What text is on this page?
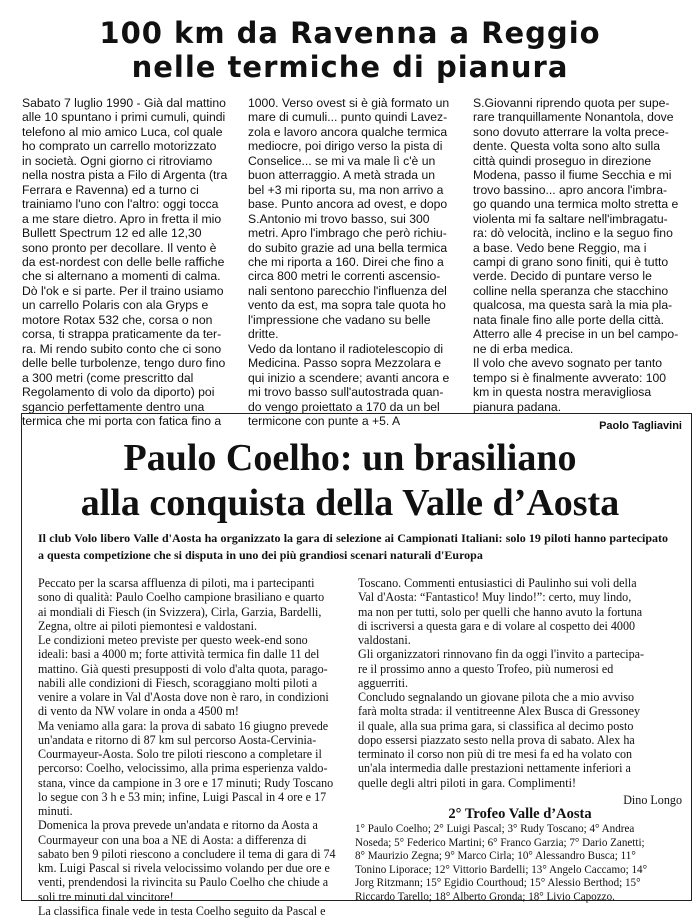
100 km da Ravenna a Reggio
nelle termiche di pianura

Sabato 7 luglio 1990 - Già dal mattino
alle 10 spuntano i primi cumuli, quindi
telefono al mio amico Luca, col quale
ho comprato un carrello motorizzato
in società. Ogni giorno ci ritroviamo
nella nostra pista a Filo di Argenta (tra
Ferrara e Ravenna) ed a turno ci
trainiamo l'uno con l'altro: oggi tocca
a me stare dietro. Apro in fretta il mio
Bullett Spectrum 12 ed alle 12,30
sono pronto per decollare. Il vento è
da est-nordest con delle belle raffiche
che si alternano a momenti di calma.
Dò l'ok e si parte. Per il traino usiamo
un carrello Polaris con ala Gryps e
motore Rotax 532 che, corsa o non
corsa, ti strappa praticamente da ter-
ra. Mi rendo subito conto che ci sono
delle belle turbolenze, tengo duro fino
a 300 metri (come prescritto dal
Regolamento di volo da diporto) poi
sgancio perfettamente dentro una
termica che mi porta con fatica fino a

1000. Verso ovest si è già formato un
mare di cumuli... punto quindi Lavez-
zola e lavoro ancora qualche termica
mediocre, poi dirigo verso la pista di
Conselice... se mi va male lì c'è un
buon atterraggio. A metà strada un
bel +3 mi riporta su, ma non arrivo a
base. Punto ancora ad ovest, e dopo
S.Antonio mi trovo basso, sui 300
metri. Apro l'imbrago che però richiu-
do subito grazie ad una bella termica
che mi riporta a 160. Direi che fino a
circa 800 metri le correnti ascensio-
nali sentono parecchio l'influenza del
vento da est, ma sopra tale quota ho
l'impressione che vadano su belle
dritte.
Vedo da lontano il radiotelescopio di
Medicina. Passo sopra Mezzolara e
qui inizio a scendere; avanti ancora e
mi trovo basso sull'autostrada quan-
do vengo proiettato a 170 da un bel
termicone con punte a +5. A

S.Giovanni riprendo quota per supe-
rare tranquillamente Nonantola, dove
sono dovuto atterrare la volta prece-
dente. Questa volta sono alto sulla
città quindi proseguo in direzione
Modena, passo il fiume Secchia e mi
trovo bassino... apro ancora l'imbra-
go quando una termica molto stretta e
violenta mi fa saltare nell'imbragatu-
ra: dò velocità, inclino e la seguo fino
a base. Vedo bene Reggio, ma i
campi di grano sono finiti, qui è tutto
verde. Decido di puntare verso le
colline nella speranza che stacchino
qualcosa, ma questa sarà la mia pla-
nata finale fino alle porte della città.
Atterro alle 4 precise in un bel campo-
ne di erba medica.
Il volo che avevo sognato per tanto
tempo si è finalmente avverato: 100
km in questa nostra meravigliosa
pianura padana.

Paolo Tagliavini
Paulo Coelho: un brasiliano
alla conquista della Valle d’Aosta
Il club Volo libero Valle d'Aosta ha organizzato la gara di selezione ai Campionati Italiani: solo 19 piloti hanno partecipato a questa competizione che si disputa in uno dei più grandiosi scenari naturali d'Europa

Peccato per la scarsa affluenza di piloti, ma i partecipanti
sono di qualità: Paulo Coelho campione brasiliano e quarto
ai mondiali di Fiesch (in Svizzera), Cirla, Garzia, Bardelli,
Zegna, oltre ai piloti piemontesi e valdostani.
Le condizioni meteo previste per questo week-end sono
ideali: basi a 4000 m; forte attività termica fin dalle 11 del
mattino. Già questi presupposti di volo d'alta quota, parago-
nabili alle condizioni di Fiesch, scoraggiano molti piloti a
venire a volare in Val d'Aosta dove non è raro, in condizioni
di vento da NW volare in onda a 4500 m!
Ma veniamo alla gara: la prova di sabato 16 giugno prevede
un'andata e ritorno di 87 km sul percorso Aosta-Cervinia-
Courmayeur-Aosta. Solo tre piloti riescono a completare il
percorso: Coelho, velocissimo, alla prima esperienza valdo-
stana, vince da campione in 3 ore e 17 minuti; Rudy Toscano
lo segue con 3 h e 53 min; infine, Luigi Pascal in 4 ore e 17
minuti.
Domenica la prova prevede un'andata e ritorno da Aosta a
Courmayeur con una boa a NE di Aosta: a differenza di
sabato ben 9 piloti riescono a concludere il tema di gara di 74
km. Luigi Pascal si rivela velocissimo volando per due ore e
venti, prendendosi la rivincita su Paulo Coelho che chiude a
soli tre minuti dal vincitore!
La classifica finale vede in testa Coelho seguito da Pascal e

Toscano. Commenti entusiastici di Paulinho sui voli della
Val d'Aosta: “Fantastico! Muy lindo!”: certo, muy lindo,
ma non per tutti, solo per quelli che hanno avuto la fortuna
di iscriversi a questa gara e di volare al cospetto dei 4000
valdostani.
Gli organizzatori rinnovano fin da oggi l'invito a partecipa-
re il prossimo anno a questo Trofeo, più numerosi ed
agguerriti.
Concludo segnalando un giovane pilota che a mio avviso
farà molta strada: il ventitreenne Alex Busca di Gressoney
il quale, alla sua prima gara, si classifica al decimo posto
dopo essersi piazzato sesto nella prova di sabato. Alex ha
terminato il corso non più di tre mesi fa ed ha volato con
un'ala intermedia dalle prestazioni nettamente inferiori a
quelle degli altri piloti in gara. Complimenti!

Dino Longo
2° Trofeo Valle d’Aosta
1° Paulo Coelho; 2° Luigi Pascal; 3° Rudy Toscano; 4° Andrea
Noseda; 5° Federico Martini; 6° Franco Garzia; 7° Dario Zanetti;
8° Maurizio Zegna; 9° Marco Cirla; 10° Alessandro Busca; 11°
Tonino Liporace; 12° Vittorio Bardelli; 13° Angelo Caccamo; 14°
Jorg Ritzmann; 15° Egidio Courthoud; 15° Alessio Berthod; 15°
Riccardo Tarello; 18° Alberto Gronda; 18° Livio Capozzo.
